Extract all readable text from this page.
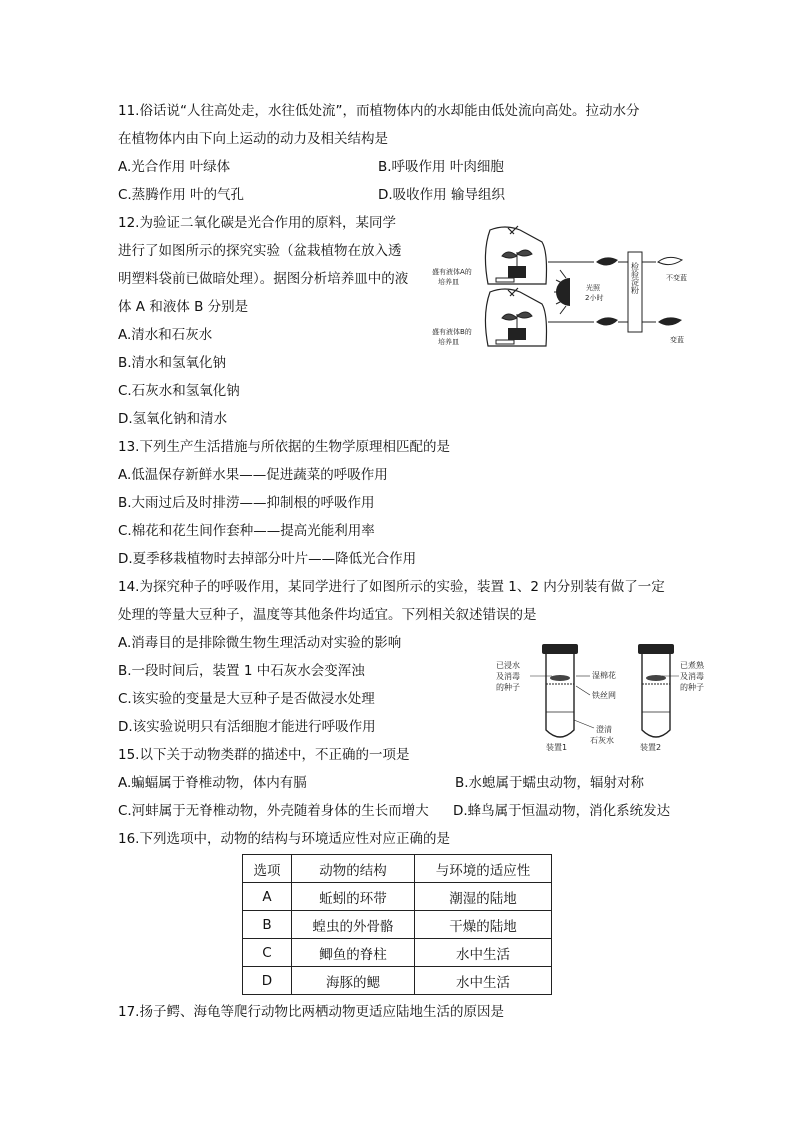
11.俗话说“人往高处走，水往低处流”，而植物体内的水却能由低处流向高处。拉动水分
在植物体内由下向上运动的动力及相关结构是
A.光合作用 叶绿体	B.呼吸作用 叶肉细胞
C.蒸腾作用 叶的气孔	D.吸收作用 输导组织
12.为验证二氧化碳是光合作用的原料，某同学
进行了如图所示的探究实验（盆栽植物在放入透
明塑料袋前已做暗处理）。据图分析培养皿中的液
体 A 和液体 B 分别是
A.清水和石灰水
B.清水和氢氧化钠
C.石灰水和氢氧化钠
D.氢氧化钠和清水
盛有液体A的
培养皿
盛有液体B的
培养皿
光照
2小时
检验淀粉	不变蓝
变蓝
13.下列生产生活措施与所依据的生物学原理相匹配的是
A.低温保存新鲜水果——促进蔬菜的呼吸作用
B.大雨过后及时排涝——抑制根的呼吸作用
C.棉花和花生间作套种——提高光能利用率
D.夏季移栽植物时去掉部分叶片——降低光合作用
14.为探究种子的呼吸作用，某同学进行了如图所示的实验，装置 1、2 内分别装有做了一定
处理的等量大豆种子，温度等其他条件均适宜。下列相关叙述错误的是
A.消毒目的是排除微生物生理活动对实验的影响
B.一段时间后，装置 1 中石灰水会变浑浊
C.该实验的变量是大豆种子是否做浸水处理
D.该实验说明只有活细胞才能进行呼吸作用
已浸水
及消毒
的种子
湿棉花
铁丝网
澄清
石灰水
装置1	装置2
已煮熟
及消毒
的种子
15.以下关于动物类群的描述中，不正确的一项是
A.蝙蝠属于脊椎动物，体内有膈	B.水螅属于蠕虫动物，辐射对称
C.河蚌属于无脊椎动物，外壳随着身体的生长而增大 D.蜂鸟属于恒温动物，消化系统发达
16.下列选项中，动物的结构与环境适应性对应正确的是
选项	动物的结构	与环境的适应性
A	蚯蚓的环带	潮湿的陆地
B	蝗虫的外骨骼	干燥的陆地
C	鲫鱼的脊柱	水中生活
D	海豚的鳃	水中生活
17.扬子鳄、海龟等爬行动物比两栖动物更适应陆地生活的原因是
